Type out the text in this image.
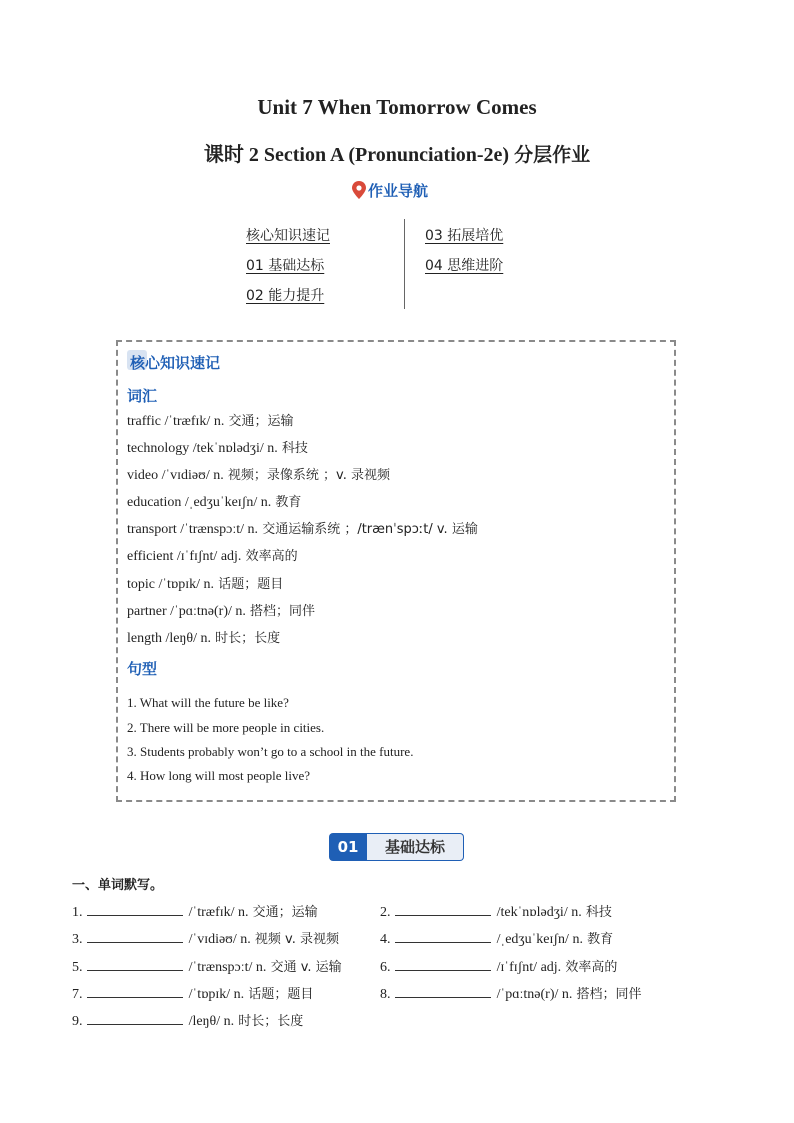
Unit 7 When Tomorrow Comes
课时 2 Section A (Pronunciation-2e) 分层作业
作业导航
核心知识速记
01 基础达标
02 能力提升
03 拓展培优
04 思维进阶
核心知识速记
词汇
traffic /ˈtræfɪk/ n. 交通；运输
technology /tekˈnɒlədʒi/ n. 科技
video /ˈvɪdiəʊ/ n. 视频；录像系统 ；v. 录视频
education /ˌedʒuˈkeɪʃn/ n. 教育
transport /ˈtrænspɔːt/ n. 交通运输系统 ；/trænˈspɔːt/ v. 运输
efficient /ɪˈfɪʃnt/ adj. 效率高的
topic /ˈtɒpɪk/ n. 话题；题目
partner /ˈpɑːtnə(r)/ n. 搭档；同伴
length /leŋθ/ n. 时长；长度
句型
1. What will the future be like?
2. There will be more people in cities.
3. Students probably won’t go to a school in the future.
4. How long will most people live?
01	基础达标
一、单词默写。
1.	/ˈtræfɪk/ n. 交通；运输	2.	/tekˈnɒlədʒi/ n. 科技
3.	/ˈvɪdiəʊ/ n. 视频 v. 录视频	4.	/ˌedʒuˈkeɪʃn/ n. 教育
5.	/ˈtrænspɔːt/ n. 交通 v. 运输	6.	/ɪˈfɪʃnt/ adj. 效率高的
7.	/ˈtɒpɪk/ n. 话题；题目	8.	/ˈpɑːtnə(r)/ n. 搭档；同伴
9.	/leŋθ/ n. 时长；长度
